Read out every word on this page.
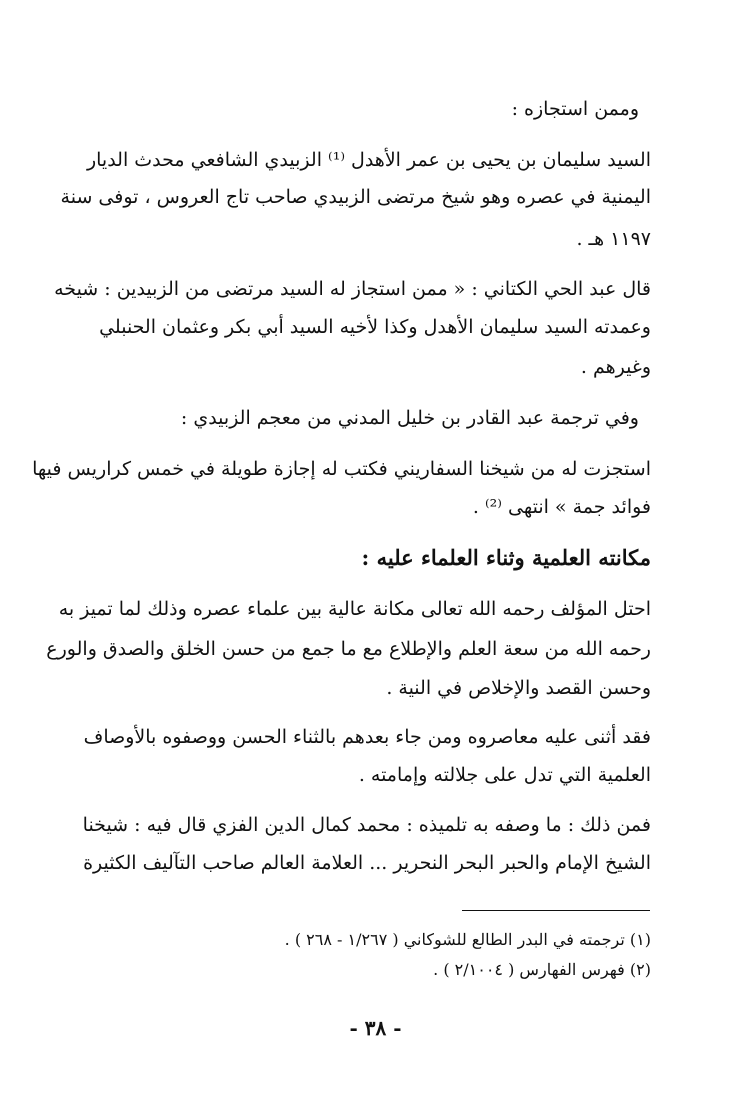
وممن استجازه :
السيد سليمان بن يحيى بن عمر الأهدل ⁽¹⁾ الزبيدي الشافعي محدث الديار
اليمنية في عصره وهو شيخ مرتضى الزبيدي صاحب تاج العروس ، توفى سنة
١١٩٧ هـ .
قال عبد الحي الكتاني : « ممن استجاز له السيد مرتضى من الزبيدين : شيخه
وعمدته السيد سليمان الأهدل وكذا لأخيه السيد أبي بكر وعثمان الحنبلي
وغيرهم .
وفي ترجمة عبد القادر بن خليل المدني من معجم الزبيدي :
استجزت له من شيخنا السفاريني فكتب له إجازة طويلة في خمس كراريس فيها
فوائد جمة » انتهى ⁽²⁾ .
مكانته العلمية وثناء العلماء عليه :
احتل المؤلف رحمه الله تعالى مكانة عالية بين علماء عصره وذلك لما تميز به
رحمه الله من سعة العلم والإطلاع مع ما جمع من حسن الخلق والصدق والورع
وحسن القصد والإخلاص في النية .
فقد أثنى عليه معاصروه ومن جاء بعدهم بالثناء الحسن ووصفوه بالأوصاف
العلمية التي تدل على جلالته وإمامته .
فمن ذلك : ما وصفه به تلميذه : محمد كمال الدين الفزي قال فيه : شيخنا
الشيخ الإمام والحبر البحر النحرير ... العلامة العالم صاحب التآليف الكثيرة
(١) ترجمته في البدر الطالع للشوكاني ( ١/٢٦٧ - ٢٦٨ ) .
(٢) فهرس الفهارس ( ٢/١٠٠٤ ) .
- ٣٨ -
